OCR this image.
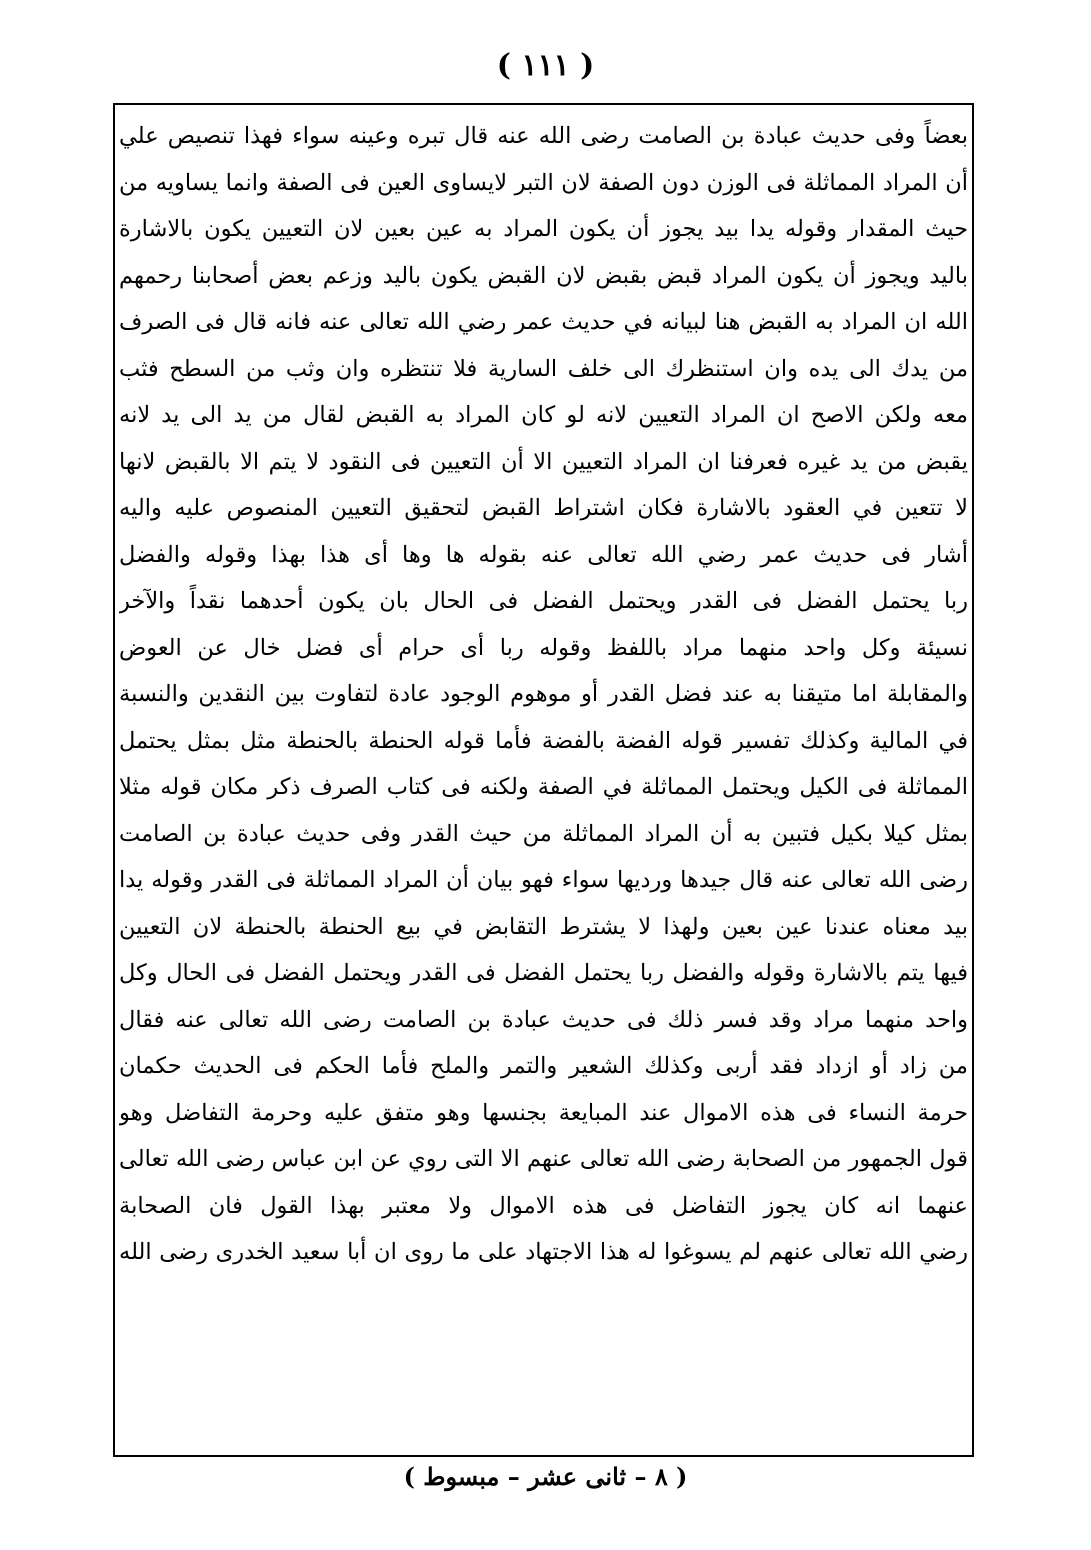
( ١١١ )
بعضاً وفى حديث عبادة بن الصامت رضى الله عنه قال تبره وعينه سواء فهذا تنصيص علي
أن المراد المماثلة فى الوزن دون الصفة لان التبر لايساوى العين فى الصفة وانما يساويه من
حيث المقدار وقوله يدا بيد يجوز أن يكون المراد به عين بعين لان التعيين يكون بالاشارة
باليد ويجوز أن يكون المراد قبض بقبض لان القبض يكون باليد وزعم بعض أصحابنا رحمهم
الله ان المراد به القبض هنا لبيانه في حديث عمر رضي الله تعالى عنه فانه قال فى الصرف
من يدك الى يده وان استنظرك الى خلف السارية فلا تنتظره وان وثب من السطح فثب
معه ولكن الاصح ان المراد التعيين لانه لو كان المراد به القبض لقال من يد الى يد لانه
يقبض من يد غيره فعرفنا ان المراد التعيين الا أن التعيين فى النقود لا يتم الا بالقبض لانها
لا تتعين في العقود بالاشارة فكان اشتراط القبض لتحقيق التعيين المنصوص عليه واليه
أشار فى حديث عمر رضي الله تعالى عنه بقوله ها وها أى هذا بهذا وقوله والفضل
ربا يحتمل الفضل فى القدر ويحتمل الفضل فى الحال بان يكون أحدهما نقداً والآخر
نسيئة وكل واحد منهما مراد باللفظ وقوله ربا أى حرام أى فضل خال عن العوض
والمقابلة اما متيقنا به عند فضل القدر أو موهوم الوجود عادة لتفاوت بين النقدين والنسبة
في المالية وكذلك تفسير قوله الفضة بالفضة فأما قوله الحنطة بالحنطة مثل بمثل يحتمل
المماثلة فى الكيل ويحتمل المماثلة في الصفة ولكنه فى كتاب الصرف ذكر مكان قوله مثلا
بمثل كيلا بكيل فتبين به أن المراد المماثلة من حيث القدر وفى حديث عبادة بن الصامت
رضى الله تعالى عنه قال جيدها ورديها سواء فهو بيان أن المراد المماثلة فى القدر وقوله يدا
بيد معناه عندنا عين بعين ولهذا لا يشترط التقابض في بيع الحنطة بالحنطة لان التعيين
فيها يتم بالاشارة وقوله والفضل ربا يحتمل الفضل فى القدر ويحتمل الفضل فى الحال وكل
واحد منهما مراد وقد فسر ذلك فى حديث عبادة بن الصامت رضى الله تعالى عنه فقال
من زاد أو ازداد فقد أربى وكذلك الشعير والتمر والملح فأما الحكم فى الحديث حكمان
حرمة النساء فى هذه الاموال عند المبايعة بجنسها وهو متفق عليه وحرمة التفاضل وهو
قول الجمهور من الصحابة رضى الله تعالى عنهم الا التى روي عن ابن عباس رضى الله تعالى
عنهما انه كان يجوز التفاضل فى هذه الاموال ولا معتبر بهذا القول فان الصحابة
رضي الله تعالى عنهم لم يسوغوا له هذا الاجتهاد على ما روى ان أبا سعيد الخدرى رضى الله
( ٨ – ثانى عشر – مبسوط )
